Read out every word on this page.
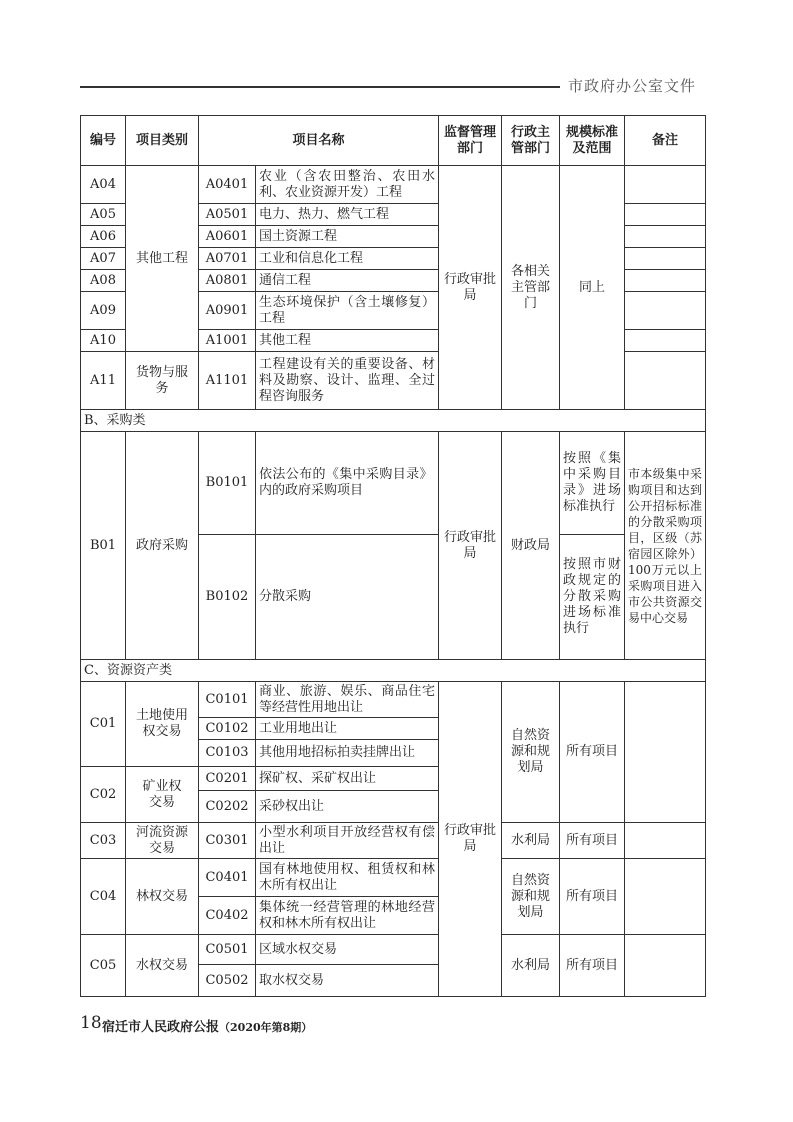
市政府办公室文件
编号	项目类别	项目名称		监督管理部门	行政主管部门	规模标准及范围	备注
A04	其他工程	A0401	农业（含农田整治、农田水利、农业资源开发）工程	行政审批局	各相关主管部门	同上	
A05		A0501	电力、热力、燃气工程				
A06		A0601	国土资源工程				
A07		A0701	工业和信息化工程				
A08		A0801	通信工程				
A09		A0901	生态环境保护（含土壤修复）工程				
A10		A1001	其他工程				
A11	货物与服务	A1101	工程建设有关的重要设备、材料及勘察、设计、监理、全过程咨询服务				
B、采购类							
B01	政府采购	B0101	依法公布的《集中采购目录》内的政府采购项目	行政审批局	财政局	按照《集中采购目录》进场标准执行	市本级集中采购项目和达到公开招标标准的分散采购项目，区级（苏宿园区除外）100万元以上采购项目进入市公共资源交易中心交易
		B0102	分散采购			按照市财政规定的分散采购进场标准执行	
C、资源资产类							
C01	土地使用权交易	C0101	商业、旅游、娱乐、商品住宅等经营性用地出让	行政审批局	自然资源和规划局	所有项目	
		C0102	工业用地出让				
		C0103	其他用地招标拍卖挂牌出让				
C02	矿业权交易	C0201	探矿权、采矿权出让				
		C0202	采砂权出让				
C03	河流资源交易	C0301	小型水利项目开放经营权有偿出让		水利局	所有项目	
C04	林权交易	C0401	国有林地使用权、租赁权和林木所有权出让		自然资源和规划局	所有项目	
		C0402	集体统一经营管理的林地经营权和林木所有权出让				
C05	水权交易	C0501	区域水权交易		水利局	所有项目	
		C0502	取水权交易				
18 宿迁市人民政府公报（2020年第8期）
